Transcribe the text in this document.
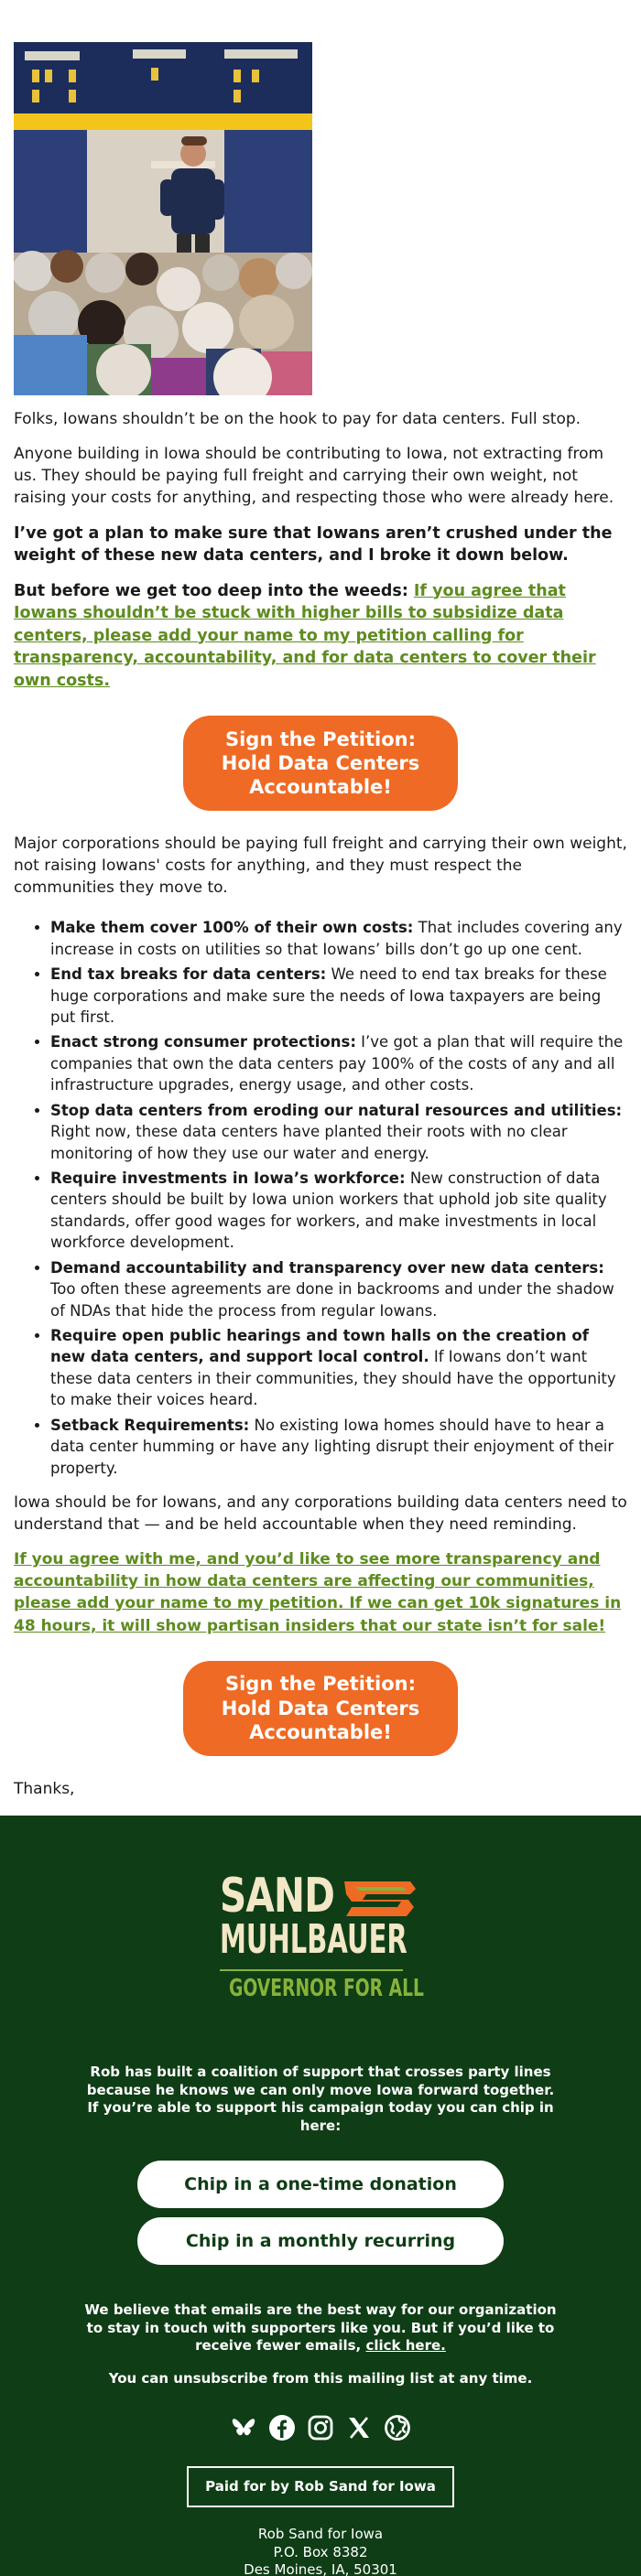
Folks, Iowans shouldn’t be on the hook to pay for data centers. Full stop.

Anyone building in Iowa should be contributing to Iowa, not extracting from us. They should be paying full freight and carrying their own weight, not raising your costs for anything, and respecting those who were already here.

I’ve got a plan to make sure that Iowans aren’t crushed under the weight of these new data centers, and I broke it down below.

But before we get too deep into the weeds: If you agree that Iowans shouldn’t be stuck with higher bills to subsidize data centers, please add your name to my petition calling for transparency, accountability, and for data centers to cover their own costs.

Sign the Petition:
Hold Data Centers
Accountable!

Major corporations should be paying full freight and carrying their own weight, not raising Iowans' costs for anything, and they must respect the communities they move to.

• Make them cover 100% of their own costs: That includes covering any increase in costs on utilities so that Iowans’ bills don’t go up one cent.
• End tax breaks for data centers: We need to end tax breaks for these huge corporations and make sure the needs of Iowa taxpayers are being put first.
• Enact strong consumer protections: I’ve got a plan that will require the companies that own the data centers pay 100% of the costs of any and all infrastructure upgrades, energy usage, and other costs.
• Stop data centers from eroding our natural resources and utilities: Right now, these data centers have planted their roots with no clear monitoring of how they use our water and energy.
• Require investments in Iowa’s workforce: New construction of data centers should be built by Iowa union workers that uphold job site quality standards, offer good wages for workers, and make investments in local workforce development.
• Demand accountability and transparency over new data centers: Too often these agreements are done in backrooms and under the shadow of NDAs that hide the process from regular Iowans.
• Require open public hearings and town halls on the creation of new data centers, and support local control. If Iowans don’t want these data centers in their communities, they should have the opportunity to make their voices heard.
• Setback Requirements: No existing Iowa homes should have to hear a data center humming or have any lighting disrupt their enjoyment of their property.

Iowa should be for Iowans, and any corporations building data centers need to understand that — and be held accountable when they need reminding.

If you agree with me, and you’d like to see more transparency and accountability in how data centers are affecting our communities, please add your name to my petition. If we can get 10k signatures in 48 hours, it will show partisan insiders that our state isn’t for sale!

Sign the Petition:
Hold Data Centers
Accountable!

Thanks,

SAND
MUHLBAUER
GOVERNOR FOR ALL

Rob has built a coalition of support that crosses party lines because he knows we can only move Iowa forward together. If you’re able to support his campaign today you can chip in here:

Chip in a one-time donation
Chip in a monthly recurring donation!

We believe that emails are the best way for our organization to stay in touch with supporters like you. But if you’d like to receive fewer emails, click here.

You can unsubscribe from this mailing list at any time.

Paid for by Rob Sand for Iowa
Rob Sand for Iowa
P.O. Box 8382
Des Moines, IA, 50301
